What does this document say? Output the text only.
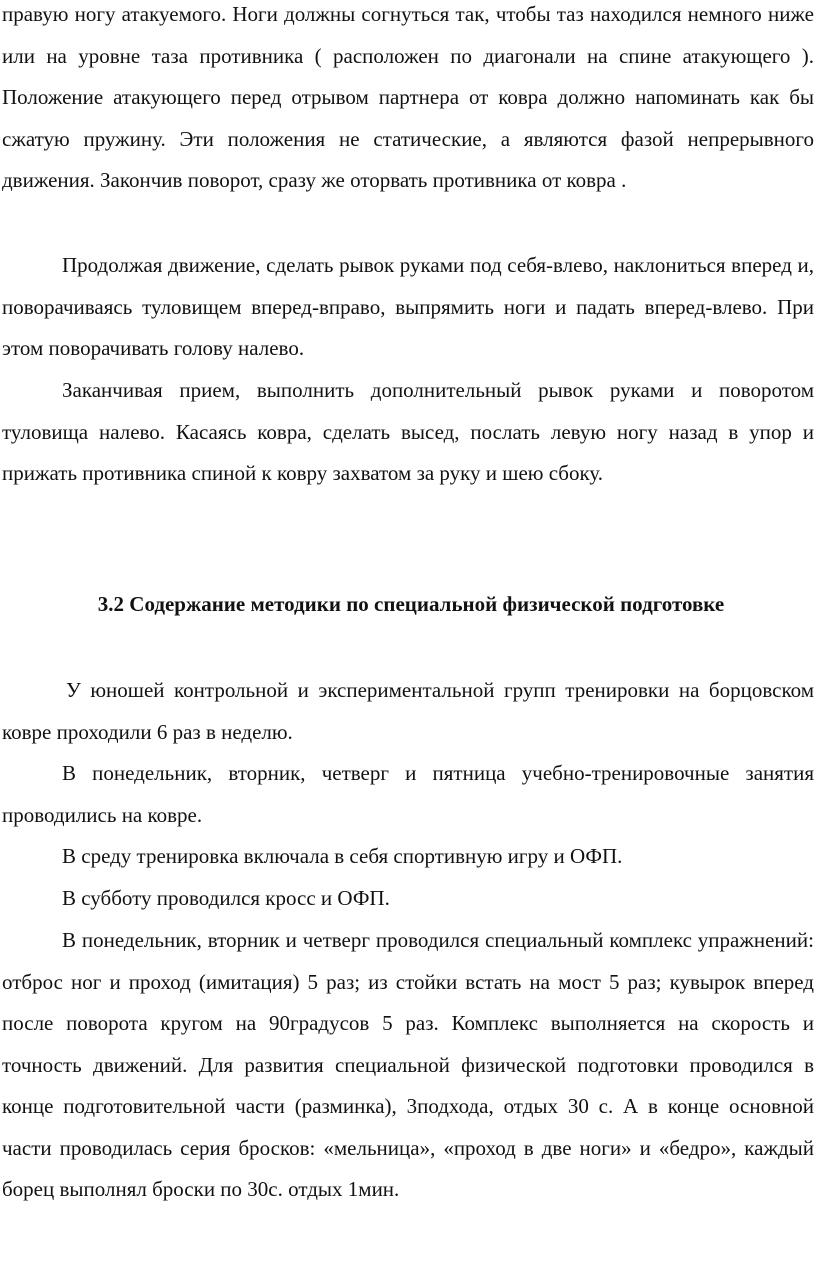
правую ногу атакуемого. Ноги должны согнуться так, чтобы таз находился немного ниже или на уровне таза противника ( расположен по диагонали на спине атакующего ). Положение атакующего перед отрывом партнера от ковра должно напоминать как бы сжатую пружину. Эти положения не статические, а являются фазой непрерывного движения. Закончив поворот, сразу же оторвать противника от ковра .

Продолжая движение, сделать рывок руками под себя-влево, наклониться вперед и, поворачиваясь туловищем вперед-вправо, выпрямить ноги и падать вперед-влево. При этом поворачивать голову налево.

Заканчивая прием, выполнить дополнительный рывок руками и поворотом туловища налево. Касаясь ковра, сделать высед, послать левую ногу назад в упор и прижать противника спиной к ковру захватом за руку и шею сбоку.

3.2 Содержание методики по специальной физической подготовке

У юношей контрольной и экспериментальной групп тренировки на борцовском ковре проходили 6 раз в неделю.

В понедельник, вторник, четверг и пятница учебно-тренировочные занятия проводились на ковре.

В среду тренировка включала в себя спортивную игру и ОФП.

В субботу проводился кросс и ОФП.

В понедельник, вторник и четверг проводился специальный комплекс упражнений: отброс ног и проход (имитация) 5 раз; из стойки встать на мост 5 раз; кувырок вперед после поворота кругом на 90градусов 5 раз. Комплекс выполняется на скорость и точность движений. Для развития специальной физической подготовки проводился в конце подготовительной части (разминка), 3подхода, отдых 30 с. А в конце основной части проводилась серия бросков: «мельница», «проход в две ноги» и «бедро», каждый борец выполнял броски по 30с. отдых 1мин.
